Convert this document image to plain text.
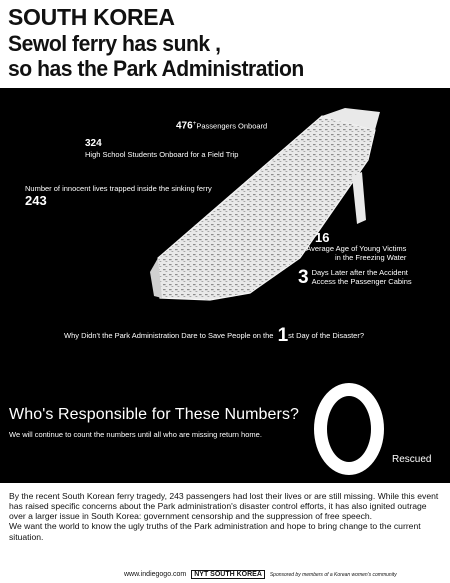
SOUTH KOREA
Sewol ferry has sunk ,
so has the Park Administration
476+Passengers Onboard
324
High School Students Onboard for a Field Trip
Number of innocent lives trapped inside the sinking ferry
243
16
Average Age of Young Victims
in the Freezing Water
3 Days Later after the Accident
Access the Passenger Cabins
Why Didn't the Park Administration Dare to Save People on the 1st Day of the Disaster?
Who's Responsible for These Numbers?
We will continue to count the numbers until all who are missing return home.
Rescued

By the recent South Korean ferry tragedy, 243 passengers had lost their lives or are still missing. While this event has raised specific concerns about the Park administration's disaster control efforts, it has also ignited outrage over a larger issue in South Korea: government censorship and the suppression of free speech.

We want the world to know the ugly truths of the Park administration and hope to bring change to the current situation.

www.indiegogo.com NYT SOUTH KOREA Sponsored by members of a Korean women's community
